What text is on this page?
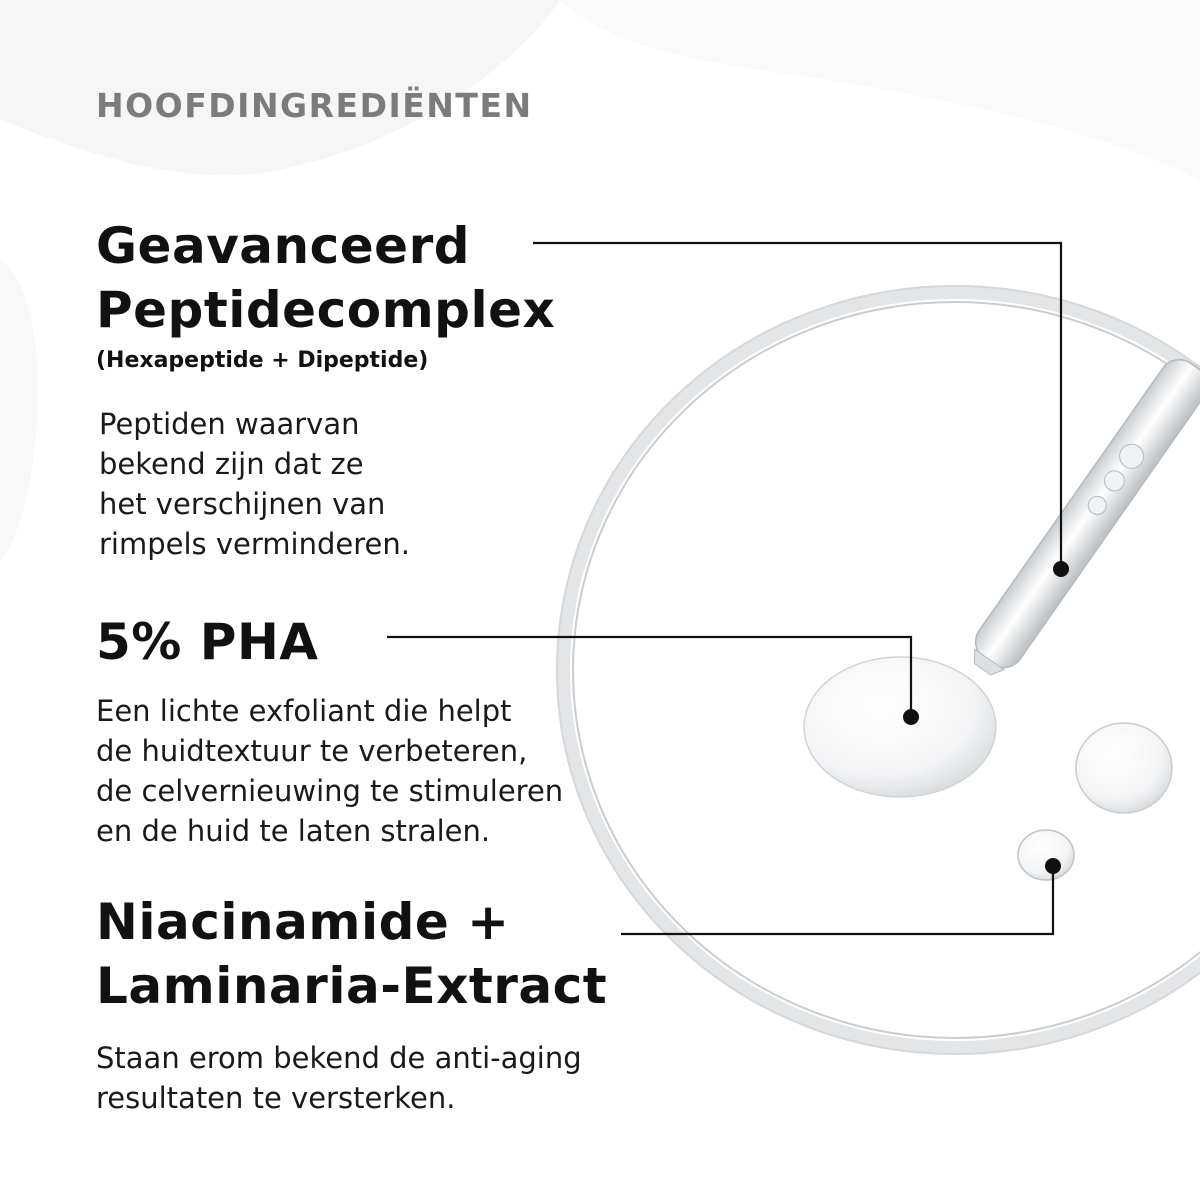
HOOFDINGREDIËNTEN
Geavanceerd
Peptidecomplex
(Hexapeptide + Dipeptide)
Peptiden waarvan
bekend zijn dat ze
het verschijnen van
rimpels verminderen.
5% PHA
Een lichte exfoliant die helpt
de huidtextuur te verbeteren,
de celvernieuwing te stimuleren
en de huid te laten stralen.
Niacinamide +
Laminaria-Extract
Staan erom bekend de anti-aging
resultaten te versterken.
